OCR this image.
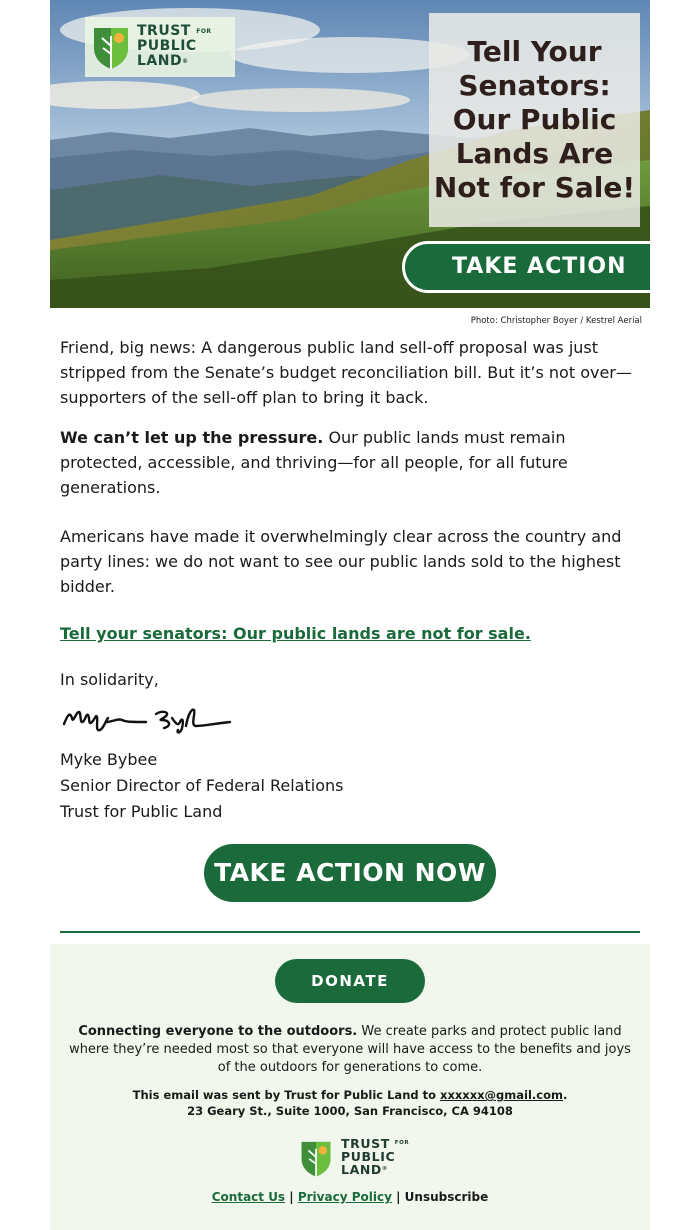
TRUST $^{FOR}$
PUBLIC
LAND®	Tell Your
Senators:
Our Public
Lands Are
Not for Sale!
TAKE ACTION
Photo: Christopher Boyer / Kestrel Aerial
Friend, big news: A dangerous public land sell-off proposal was just stripped from the Senate’s budget reconciliation bill. But it’s not over—supporters of the sell-off plan to bring it back.
We can’t let up the pressure. Our public lands must remain protected, accessible, and thriving—for all people, for all future generations.
Americans have made it overwhelmingly clear across the country and party lines: we do not want to see our public lands sold to the highest bidder.
Tell your senators: Our public lands are not for sale.
In solidarity,
Myke Bybee
Senior Director of Federal Relations
Trust for Public Land
TAKE ACTION NOW
DONATE
Connecting everyone to the outdoors. We create parks and protect public land where they’re needed most so that everyone will have access to the benefits and joys of the outdoors for generations to come.
This email was sent by Trust for Public Land to xxxxxx@gmail.com.
23 Geary St., Suite 1000, San Francisco, CA 94108
TRUST $^{FOR}$
PUBLIC
LAND®
Contact Us | Privacy Policy | Unsubscribe
